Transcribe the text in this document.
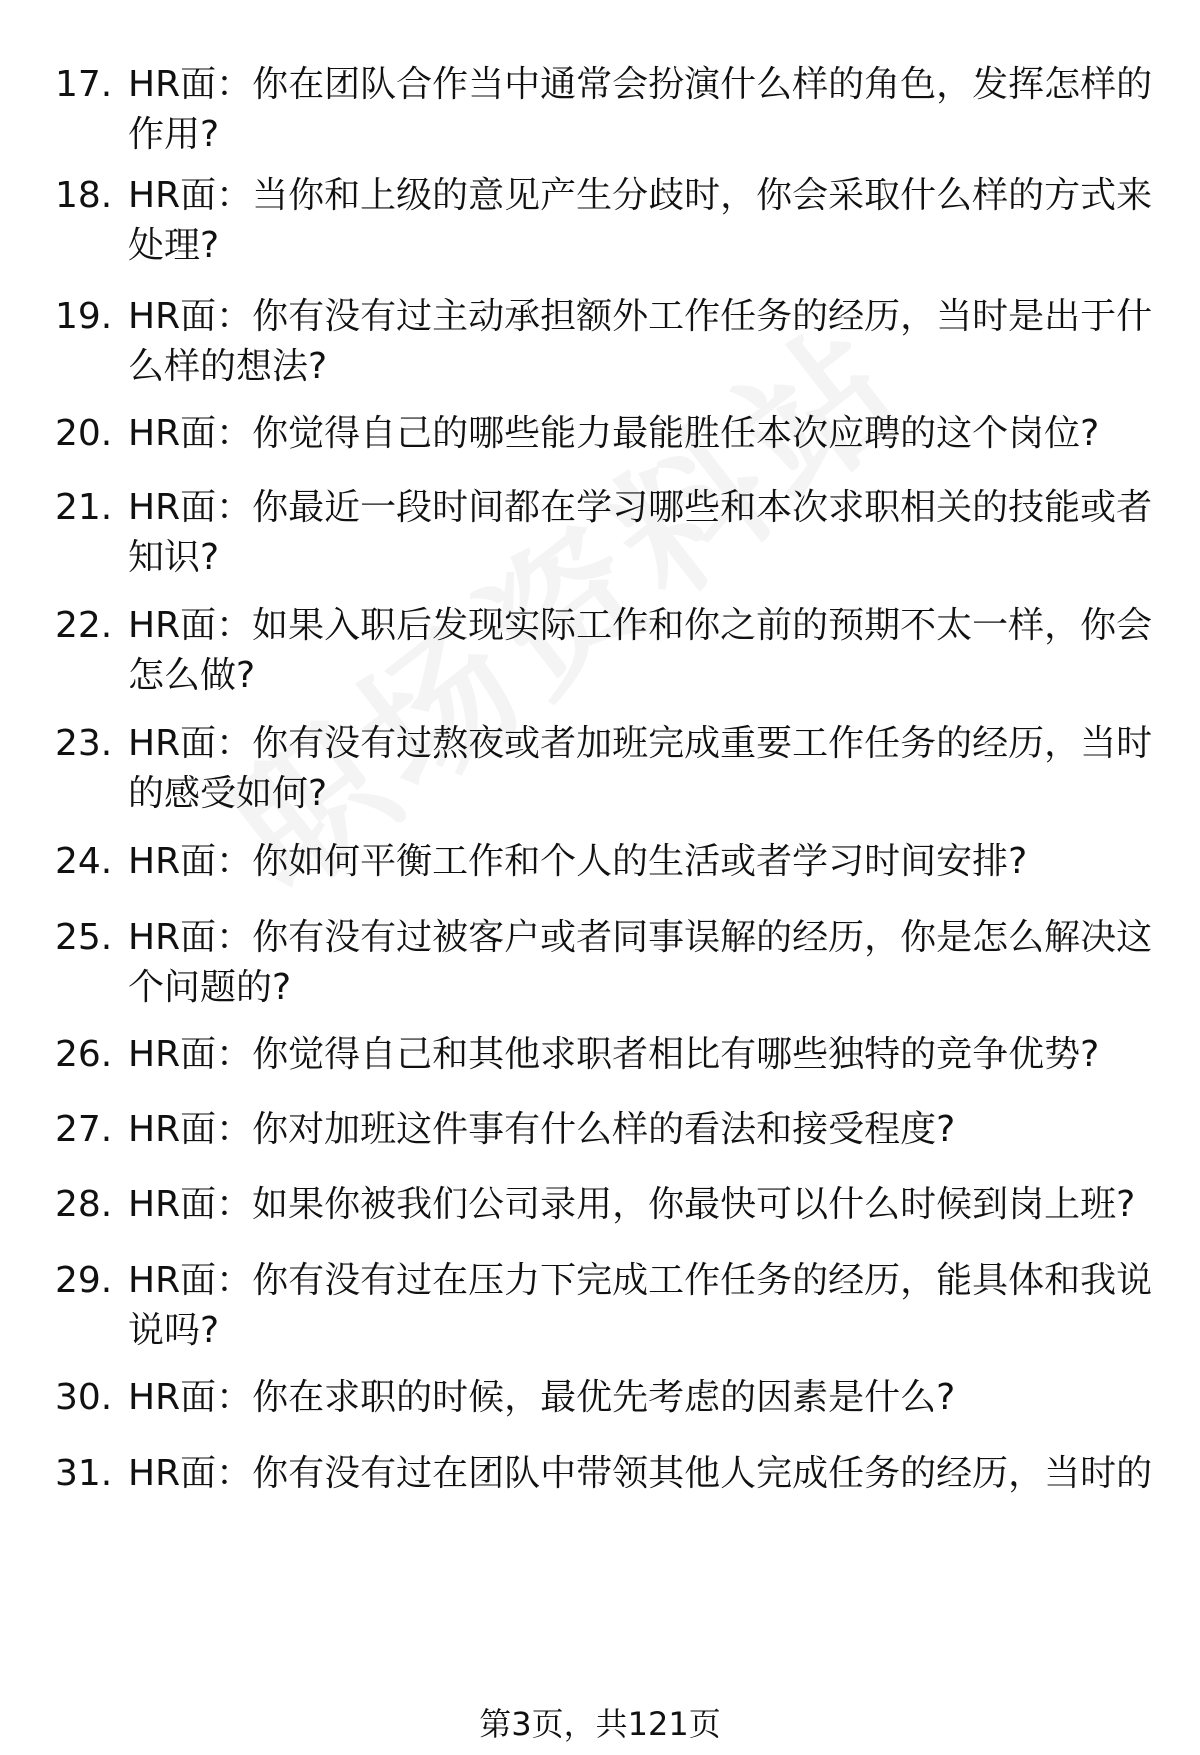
17. HR面：你在团队合作当中通常会扮演什么样的角色，发挥怎样的作用?
18. HR面：当你和上级的意见产生分歧时，你会采取什么样的方式来处理?
19. HR面：你有没有过主动承担额外工作任务的经历，当时是出于什么样的想法?
20. HR面：你觉得自己的哪些能力最能胜任本次应聘的这个岗位?
21. HR面：你最近一段时间都在学习哪些和本次求职相关的技能或者知识?
22. HR面：如果入职后发现实际工作和你之前的预期不太一样，你会怎么做?
23. HR面：你有没有过熬夜或者加班完成重要工作任务的经历，当时的感受如何?
24. HR面：你如何平衡工作和个人的生活或者学习时间安排?
25. HR面：你有没有过被客户或者同事误解的经历，你是怎么解决这个问题的?
26. HR面：你觉得自己和其他求职者相比有哪些独特的竞争优势?
27. HR面：你对加班这件事有什么样的看法和接受程度?
28. HR面：如果你被我们公司录用，你最快可以什么时候到岗上班?
29. HR面：你有没有过在压力下完成工作任务的经历，能具体和我说说吗?
30. HR面：你在求职的时候，最优先考虑的因素是什么?
31. HR面：你有没有过在团队中带领其他人完成任务的经历，当时的
第3页，共121页
